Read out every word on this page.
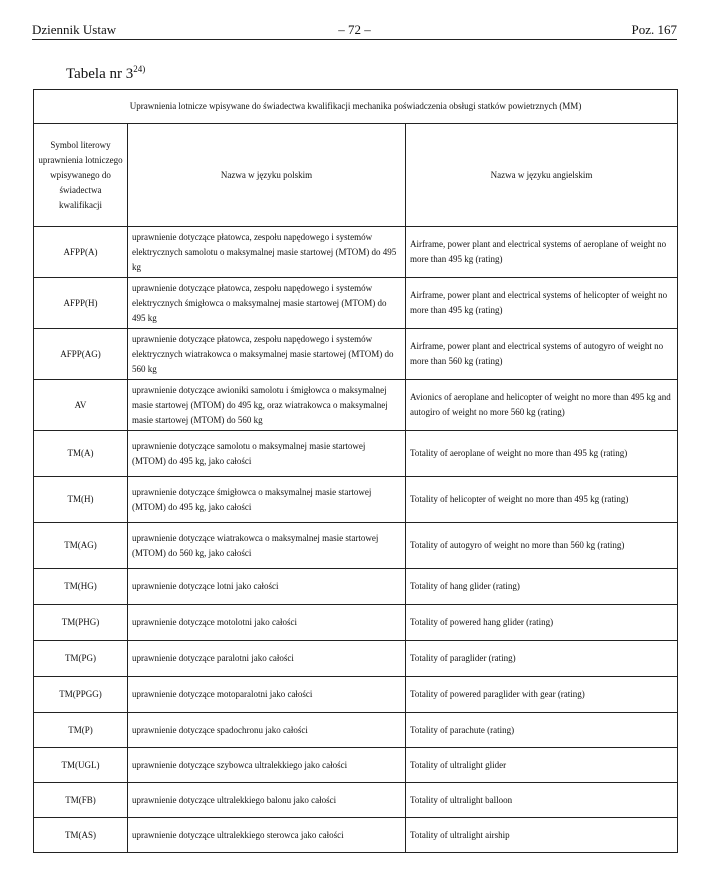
Dziennik Ustaw	– 72 –	Poz. 167
Tabela nr 3$^{24)}$
Uprawnienia lotnicze wpisywane do świadectwa kwalifikacji mechanika poświadczenia obsługi statków powietrznych (MM)		
Symbol literowy uprawnienia lotniczego wpisywanego do świadectwa kwalifikacji	Nazwa w języku polskim	Nazwa w języku angielskim
AFPP(A)	uprawnienie dotyczące płatowca, zespołu napędowego i systemów elektrycznych samolotu o maksymalnej masie startowej (MTOM) do 495 kg	Airframe, power plant and electrical systems of aeroplane of weight no more than 495 kg (rating)
AFPP(H)	uprawnienie dotyczące płatowca, zespołu napędowego i systemów elektrycznych śmigłowca o maksymalnej masie startowej (MTOM) do 495 kg	Airframe, power plant and electrical systems of helicopter of weight no more than 495 kg (rating)
AFPP(AG)	uprawnienie dotyczące płatowca, zespołu napędowego i systemów elektrycznych wiatrakowca o maksymalnej masie startowej (MTOM) do 560 kg	Airframe, power plant and electrical systems of autogyro of weight no more than 560 kg (rating)
AV	uprawnienie dotyczące awioniki samolotu i śmigłowca o maksymalnej masie startowej (MTOM) do 495 kg, oraz wiatrakowca o maksymalnej masie startowej (MTOM) do 560 kg	Avionics of aeroplane and helicopter of weight no more than 495 kg and autogiro of weight no more 560 kg (rating)
TM(A)	uprawnienie dotyczące samolotu o maksymalnej masie startowej (MTOM) do 495 kg, jako całości	Totality of aeroplane of weight no more than 495 kg (rating)
TM(H)	uprawnienie dotyczące śmigłowca o maksymalnej masie startowej (MTOM) do 495 kg, jako całości	Totality of helicopter of weight no more than 495 kg (rating)
TM(AG)	uprawnienie dotyczące wiatrakowca o maksymalnej masie startowej (MTOM) do 560 kg, jako całości	Totality of autogyro of weight no more than 560 kg (rating)
TM(HG)	uprawnienie dotyczące lotni jako całości	Totality of hang glider (rating)
TM(PHG)	uprawnienie dotyczące motolotni jako całości	Totality of powered hang glider (rating)
TM(PG)	uprawnienie dotyczące paralotni jako całości	Totality of paraglider (rating)
TM(PPGG)	uprawnienie dotyczące motoparalotni jako całości	Totality of powered paraglider with gear (rating)
TM(P)	uprawnienie dotyczące spadochronu jako całości	Totality of parachute (rating)
TM(UGL)	uprawnienie dotyczące szybowca ultralekkiego jako całości	Totality of ultralight glider
TM(FB)	uprawnienie dotyczące ultralekkiego balonu jako całości	Totality of ultralight balloon
TM(AS)	uprawnienie dotyczące ultralekkiego sterowca jako całości	Totality of ultralight airship
